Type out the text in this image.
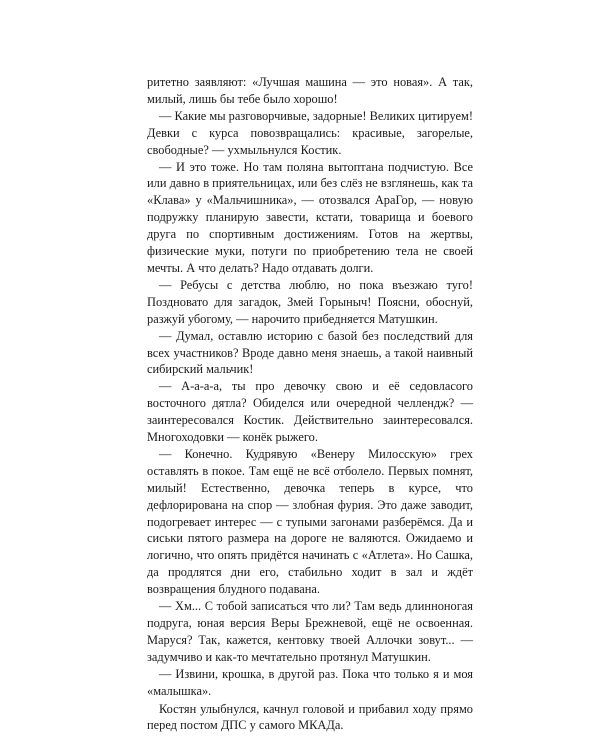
ритетно заявляют: «Лучшая машина — это новая». А так, милый, лишь бы тебе было хорошо!

— Какие мы разговорчивые, задорные! Великих цитируем! Девки с курса повозвращались: красивые, загорелые, свободные? — ухмыльнулся Костик.

— И это тоже. Но там поляна вытоптана подчистую. Все или давно в приятельницах, или без слёз не взглянешь, как та «Клава» у «Мальчишника», — отозвался АраГор, — новую подружку планирую завести, кстати, товарища и боевого друга по спортивным достижениям. Готов на жертвы, физические муки, потуги по приобретению тела не своей мечты. А что делать? Надо отдавать долги.

— Ребусы с детства люблю, но пока въезжаю туго! Поздновато для загадок, Змей Горыныч! Поясни, обоснуй, разжуй убогому, — нарочито прибедняется Матушкин.

— Думал, оставлю историю с базой без последствий для всех участников? Вроде давно меня знаешь, а такой наивный сибирский мальчик!

— А-а-а-а, ты про девочку свою и её седовласого восточного дятла? Обиделся или очередной челлендж? — заинтересовался Костик. Действительно заинтересовался. Многоходовки — конёк рыжего.

— Конечно. Кудрявую «Венеру Милосскую» грех оставлять в покое. Там ещё не всё отболело. Первых помнят, милый! Естественно, девочка теперь в курсе, что дефлорирована на спор — злобная фурия. Это даже заводит, подогревает интерес — с тупыми загонами разберёмся. Да и сиськи пятого размера на дороге не валяются. Ожидаемо и логично, что опять придётся начинать с «Атлета». Но Сашка, да продлятся дни его, стабильно ходит в зал и ждёт возвращения блудного подавана.

— Хм... С тобой записаться что ли? Там ведь длинноногая подруга, юная версия Веры Брежневой, ещё не освоенная. Маруся? Так, кажется, кентовку твоей Аллочки зовут... — задумчиво и как-то мечтательно протянул Матушкин.

— Извини, крошка, в другой раз. Пока что только я и моя «малышка».

Костян улыбнулся, качнул головой и прибавил ходу прямо перед постом ДПС у самого МКАДа.
